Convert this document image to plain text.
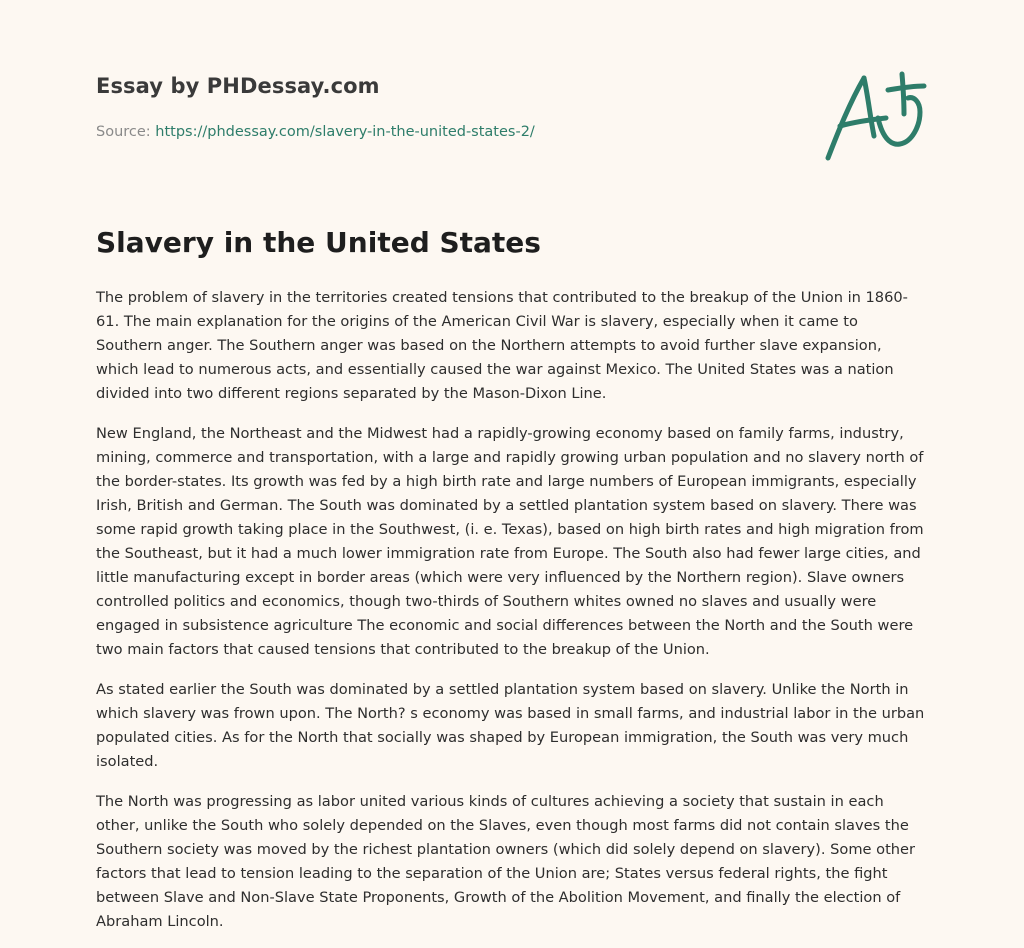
Essay by PHDessay.com
Source: https://phdessay.com/slavery-in-the-united-states-2/
Slavery in the United States

The problem of slavery in the territories created tensions that contributed to the breakup of the Union in 1860-61. The main explanation for the origins of the American Civil War is slavery, especially when it came to Southern anger. The Southern anger was based on the Northern attempts to avoid further slave expansion, which lead to numerous acts, and essentially caused the war against Mexico. The United States was a nation divided into two different regions separated by the Mason-Dixon Line.

New England, the Northeast and the Midwest had a rapidly-growing economy based on family farms, industry, mining, commerce and transportation, with a large and rapidly growing urban population and no slavery north of the border-states. Its growth was fed by a high birth rate and large numbers of European immigrants, especially Irish, British and German. The South was dominated by a settled plantation system based on slavery. There was some rapid growth taking place in the Southwest, (i. e. Texas), based on high birth rates and high migration from the Southeast, but it had a much lower immigration rate from Europe. The South also had fewer large cities, and little manufacturing except in border areas (which were very influenced by the Northern region). Slave owners controlled politics and economics, though two-thirds of Southern whites owned no slaves and usually were engaged in subsistence agriculture The economic and social differences between the North and the South were two main factors that caused tensions that contributed to the breakup of the Union.

As stated earlier the South was dominated by a settled plantation system based on slavery. Unlike the North in which slavery was frown upon. The North? s economy was based in small farms, and industrial labor in the urban populated cities. As for the North that socially was shaped by European immigration, the South was very much isolated.

The North was progressing as labor united various kinds of cultures achieving a society that sustain in each other, unlike the South who solely depended on the Slaves, even though most farms did not contain slaves the Southern society was moved by the richest plantation owners (which did solely depend on slavery). Some other factors that lead to tension leading to the separation of the Union are; States versus federal rights, the fight between Slave and Non-Slave State Proponents, Growth of the Abolition Movement, and finally the election of Abraham Lincoln.
